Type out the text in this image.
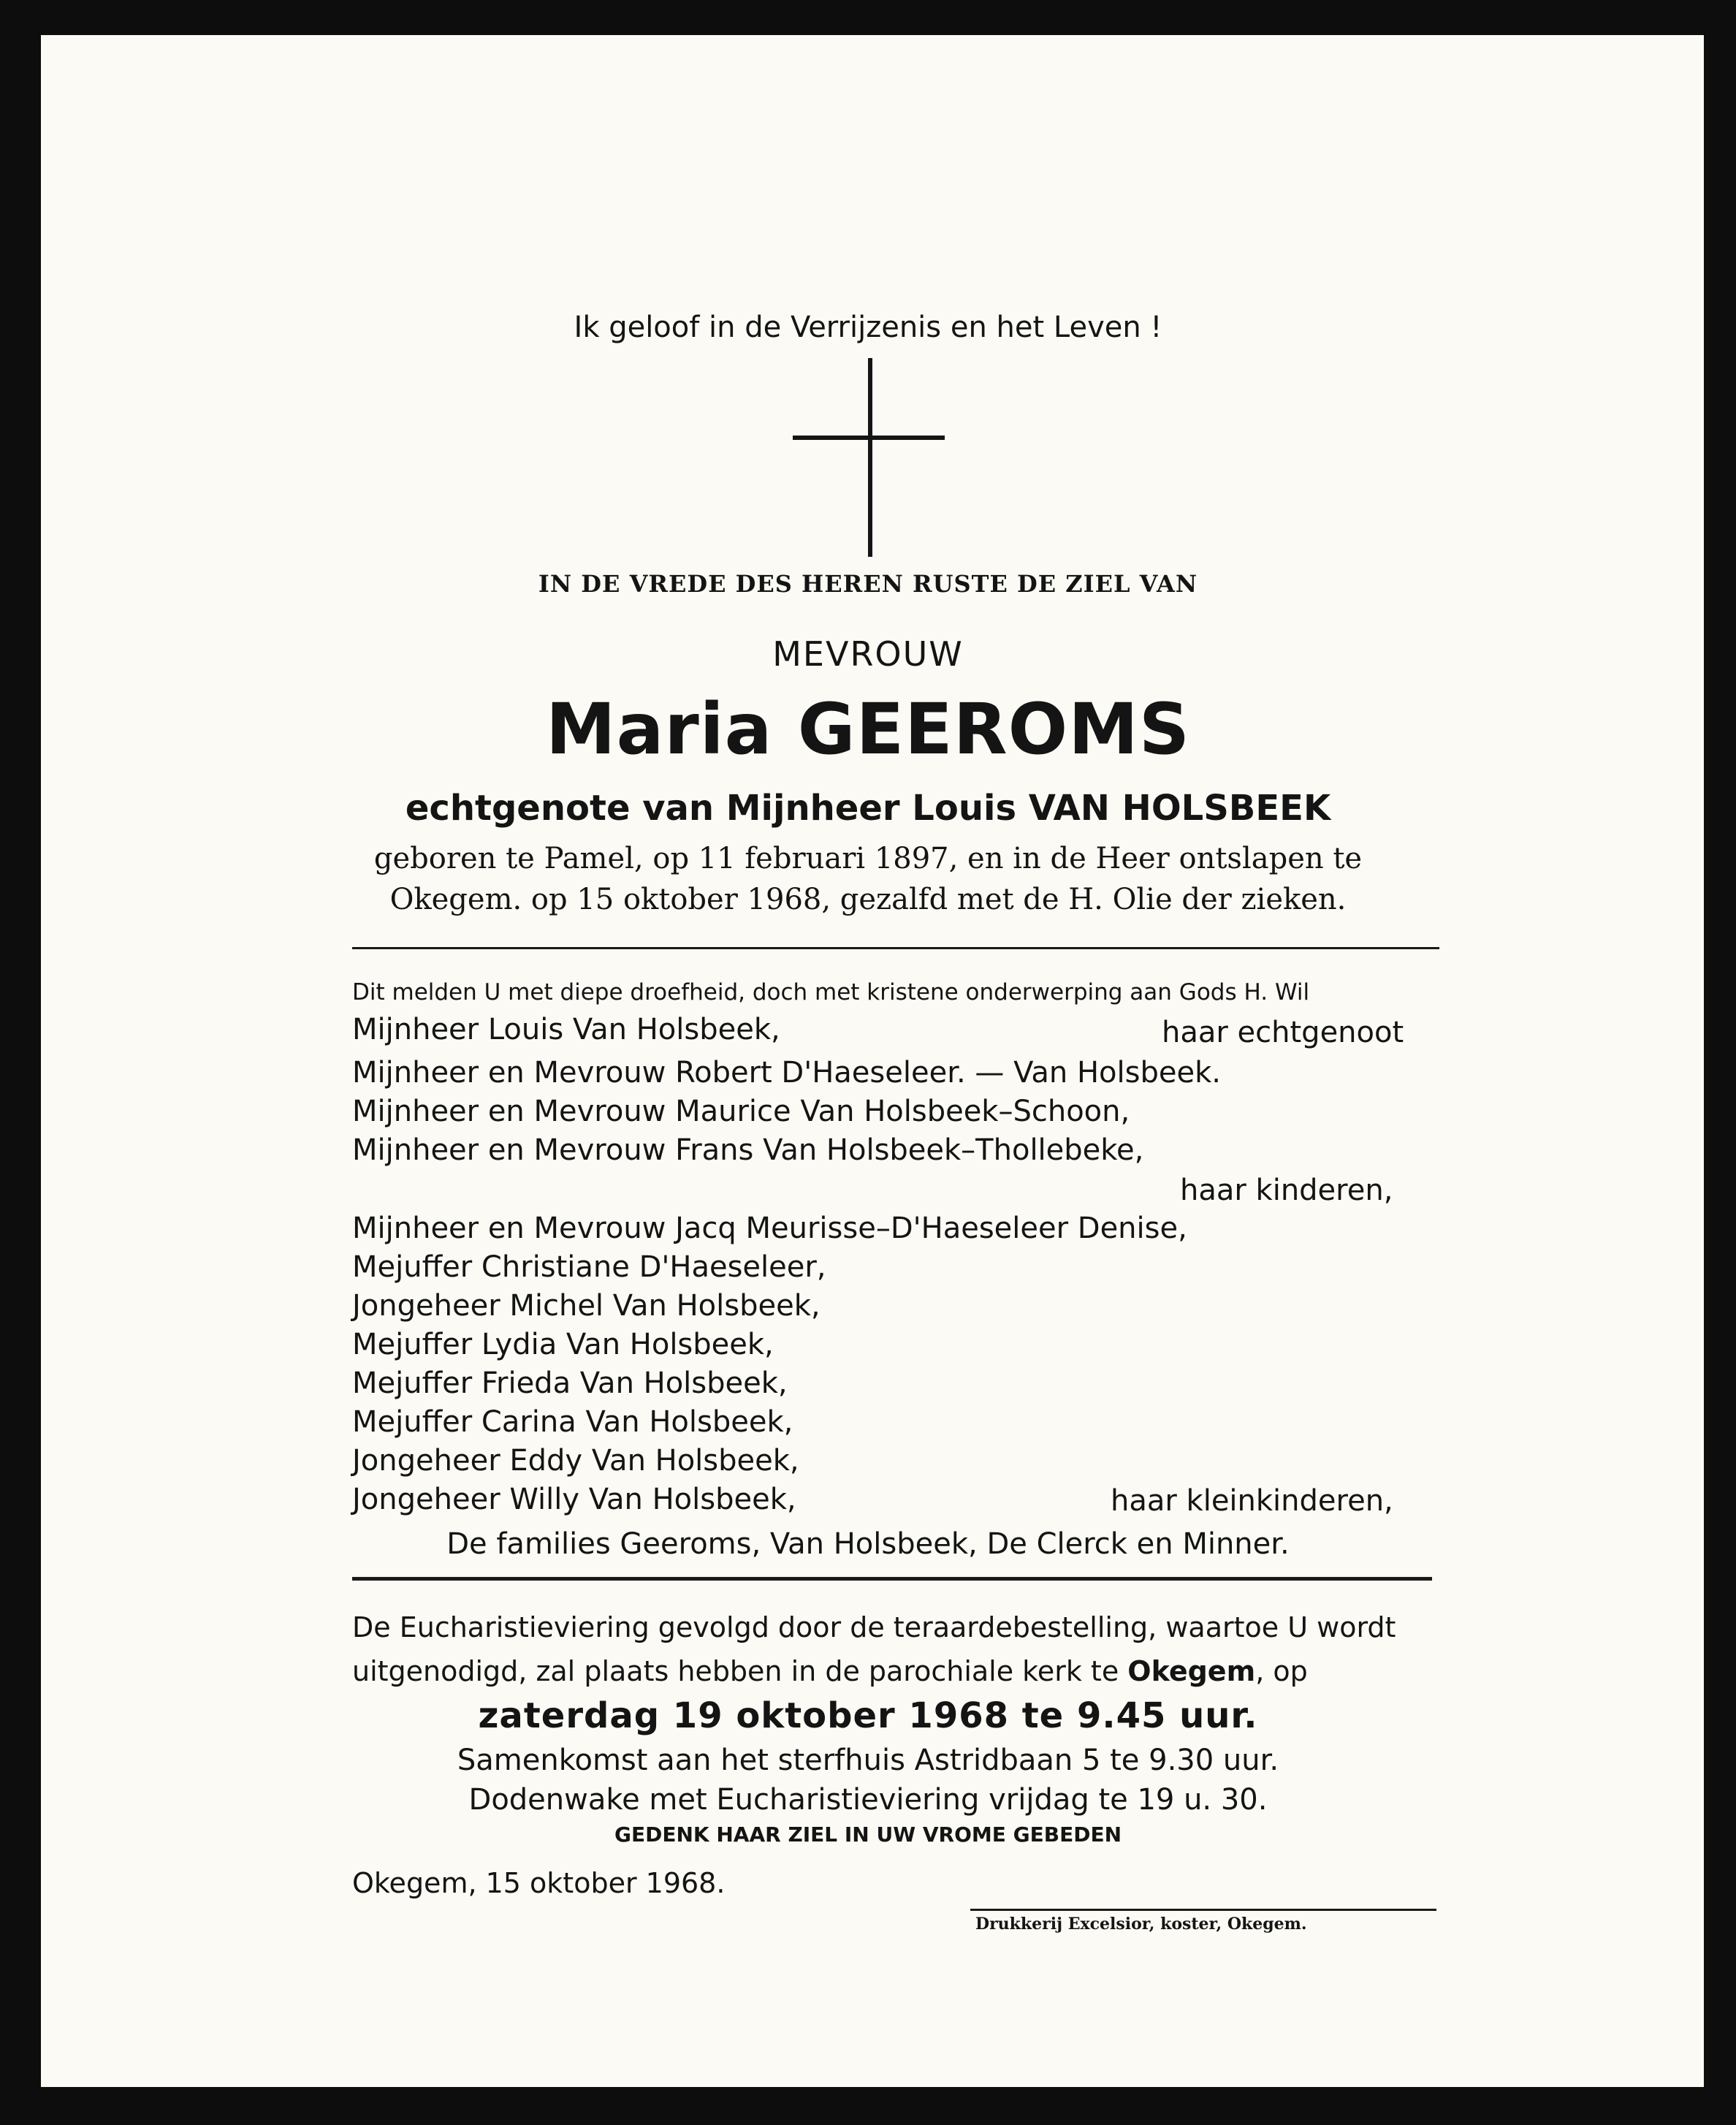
Ik geloof in de Verrijzenis en het Leven !
IN DE VREDE DES HEREN RUSTE DE ZIEL VAN
MEVROUW
Maria GEEROMS
echtgenote van Mijnheer Louis VAN HOLSBEEK
geboren te Pamel, op 11 februari 1897, en in de Heer ontslapen te
Okegem. op 15 oktober 1968, gezalfd met de H. Olie der zieken.
Dit melden U met diepe droefheid, doch met kristene onderwerping aan Gods H. Wil
Mijnheer Louis Van Holsbeek,	haar echtgenoot
Mijnheer en Mevrouw Robert D'Haeseleer. — Van Holsbeek.
Mijnheer en Mevrouw Maurice Van Holsbeek–Schoon,
Mijnheer en Mevrouw Frans Van Holsbeek–Thollebeke,
haar kinderen,
Mijnheer en Mevrouw Jacq Meurisse–D'Haeseleer Denise,
Mejuffer Christiane D'Haeseleer,
Jongeheer Michel Van Holsbeek,
Mejuffer Lydia Van Holsbeek,
Mejuffer Frieda Van Holsbeek,
Mejuffer Carina Van Holsbeek,
Jongeheer Eddy Van Holsbeek,
Jongeheer Willy Van Holsbeek,	haar kleinkinderen,
De families Geeroms, Van Holsbeek, De Clerck en Minner.
De Eucharistieviering gevolgd door de teraardebestelling, waartoe U wordt
uitgenodigd, zal plaats hebben in de parochiale kerk te Okegem, op
zaterdag 19 oktober 1968 te 9.45 uur.
Samenkomst aan het sterfhuis Astridbaan 5 te 9.30 uur.
Dodenwake met Eucharistieviering vrijdag te 19 u. 30.
GEDENK HAAR ZIEL IN UW VROME GEBEDEN
Okegem, 15 oktober 1968.
Drukkerij Excelsior, koster, Okegem.
